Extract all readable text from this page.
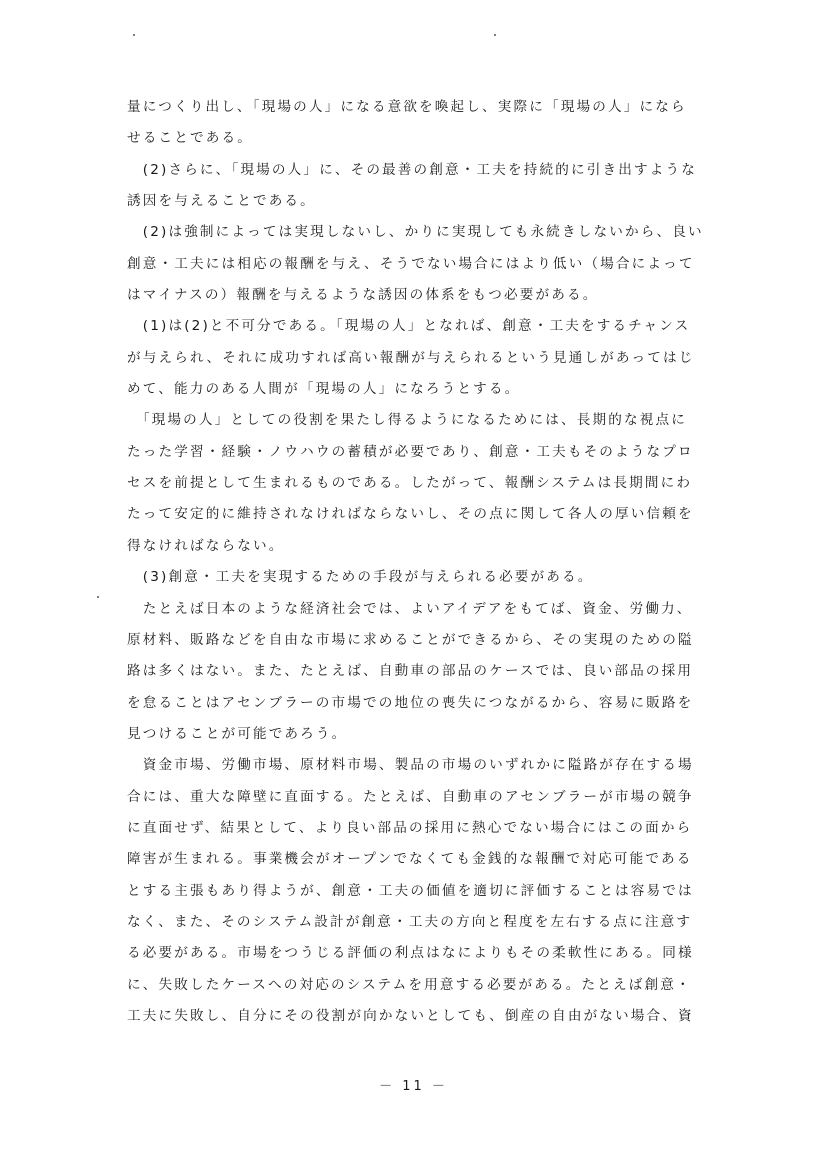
量につくり出し、「現場の人」になる意欲を喚起し、実際に「現場の人」になら
せることである。
　(2)さらに、「現場の人」に、その最善の創意・工夫を持続的に引き出すような
誘因を与えることである。
　(2)は強制によっては実現しないし、かりに実現しても永続きしないから、良い
創意・工夫には相応の報酬を与え、そうでない場合にはより低い（場合によって
はマイナスの）報酬を与えるような誘因の体系をもつ必要がある。
　(1)は(2)と不可分である。「現場の人」となれば、創意・工夫をするチャンス
が与えられ、それに成功すれば高い報酬が与えられるという見通しがあってはじ
めて、能力のある人間が「現場の人」になろうとする。
　「現場の人」としての役割を果たし得るようになるためには、長期的な視点に
たった学習・経験・ノウハウの蓄積が必要であり、創意・工夫もそのようなプロ
セスを前提として生まれるものである。したがって、報酬システムは長期間にわ
たって安定的に維持されなければならないし、その点に関して各人の厚い信頼を
得なければならない。
　(3)創意・工夫を実現するための手段が与えられる必要がある。
　たとえば日本のような経済社会では、よいアイデアをもてば、資金、労働力、
原材料、販路などを自由な市場に求めることができるから、その実現のための隘
路は多くはない。また、たとえば、自動車の部品のケースでは、良い部品の採用
を怠ることはアセンブラーの市場での地位の喪失につながるから、容易に販路を
見つけることが可能であろう。
　資金市場、労働市場、原材料市場、製品の市場のいずれかに隘路が存在する場
合には、重大な障壁に直面する。たとえば、自動車のアセンブラーが市場の競争
に直面せず、結果として、より良い部品の採用に熱心でない場合にはこの面から
障害が生まれる。事業機会がオープンでなくても金銭的な報酬で対応可能である
とする主張もあり得ようが、創意・工夫の価値を適切に評価することは容易では
なく、また、そのシステム設計が創意・工夫の方向と程度を左右する点に注意す
る必要がある。市場をつうじる評価の利点はなによりもその柔軟性にある。同様
に、失敗したケースへの対応のシステムを用意する必要がある。たとえば創意・
工夫に失敗し、自分にその役割が向かないとしても、倒産の自由がない場合、資
－ 11 －
